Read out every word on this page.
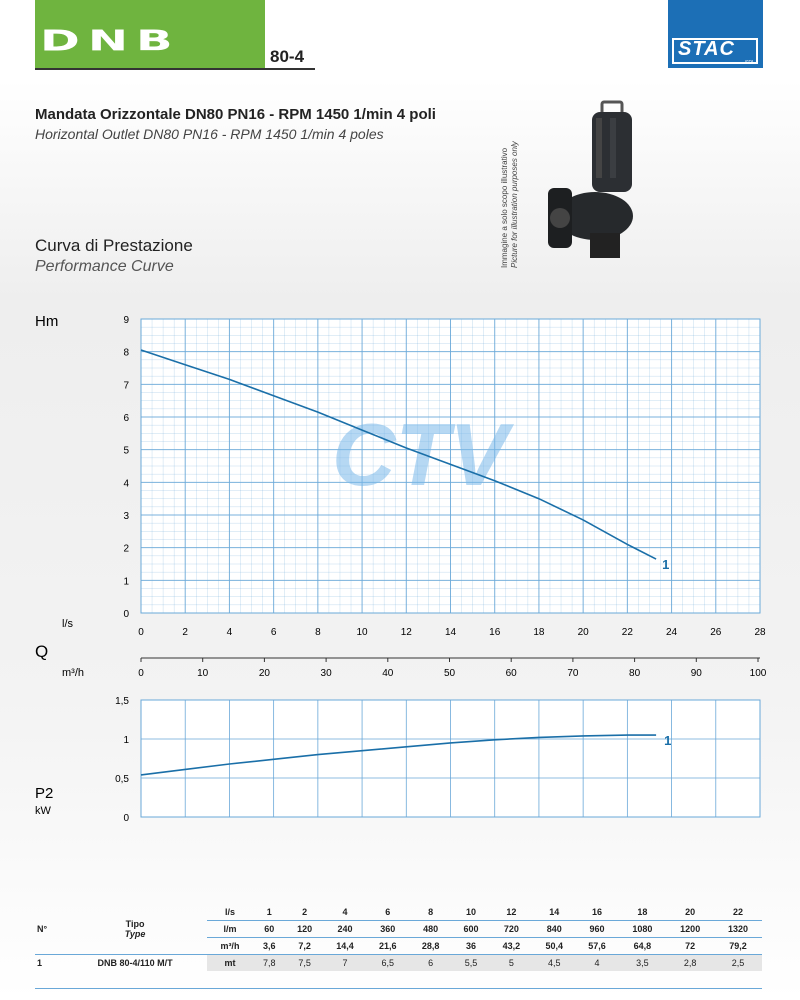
DNB	80-4	STAC
SRL
Mandata Orizzontale DN80 PN16 - RPM 1450 1/min 4 poli
Horizontal Outlet DN80 PN16 - RPM 1450 1/min 4 poles
Curva di Prestazione
Performance Curve	Immagine a solo scopo illustrativo Picture for illustration purposes only
CTV
0
1
2
3
4
5
6
7
8
9
0	2	4	6	8	10	12	14	16	18	20	22	24	26	28
1
Hm
l/s
Q
m³/h	0	10	20	30	40	50	60	70	80	90	100
0
0,5
1
1,5
1
P2
kW
N°	Tipo
Type	l/s	1	2	4	6	8	10	12	14	16	18	20	22
		l/m	60	120	240	360	480	600	720	840	960	1080	1200	1320
		m³/h	3,6	7,2	14,4	21,6	28,8	36	43,2	50,4	57,6	64,8	72	79,2
1	DNB 80-4/110 M/T	mt	7,8	7,5	7	6,5	6	5,5	5	4,5	4	3,5	2,8	2,5
